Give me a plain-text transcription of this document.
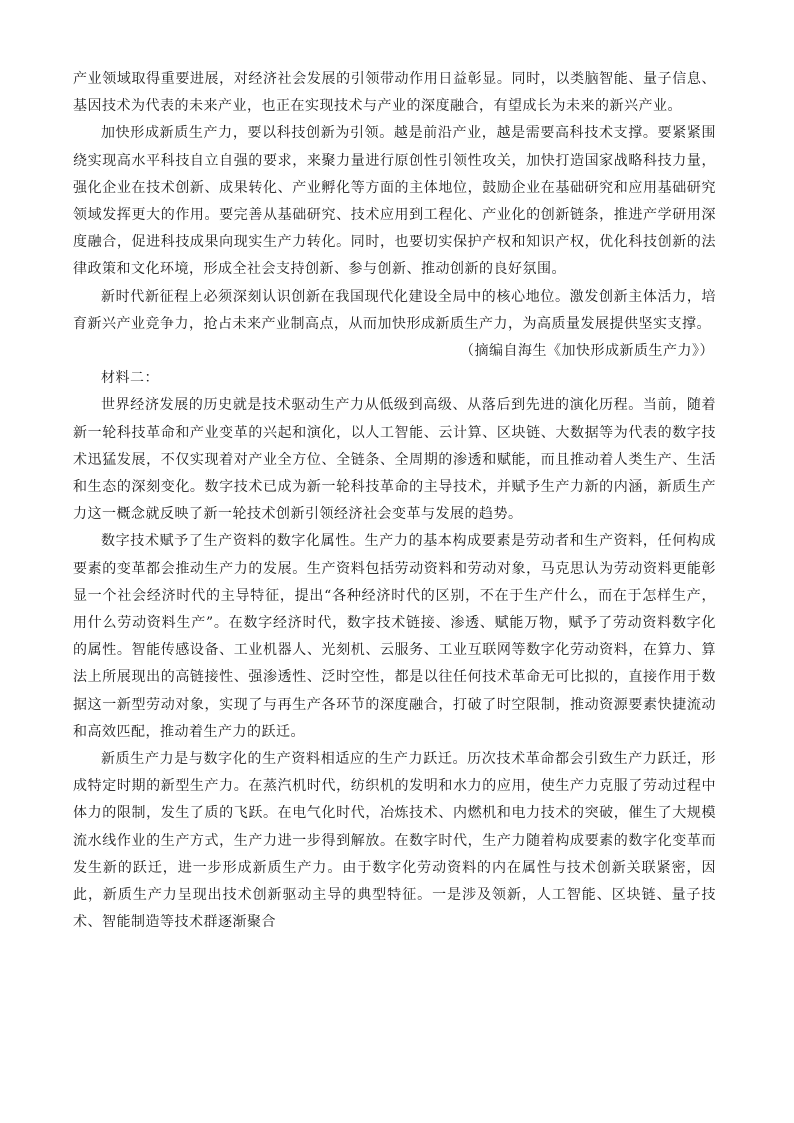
产业领域取得重要进展，对经济社会发展的引领带动作用日益彰显。同时，以类脑智能、量子信息、基因技术为代表的未来产业，也正在实现技术与产业的深度融合，有望成长为未来的新兴产业。

加快形成新质生产力，要以科技创新为引领。越是前沿产业，越是需要高科技术支撑。要紧紧围绕实现高水平科技自立自强的要求，来聚力量进行原创性引领性攻关，加快打造国家战略科技力量，强化企业在技术创新、成果转化、产业孵化等方面的主体地位，鼓励企业在基础研究和应用基础研究领域发挥更大的作用。要完善从基础研究、技术应用到工程化、产业化的创新链条，推进产学研用深度融合，促进科技成果向现实生产力转化。同时，也要切实保护产权和知识产权，优化科技创新的法律政策和文化环境，形成全社会支持创新、参与创新、推动创新的良好氛围。

新时代新征程上必须深刻认识创新在我国现代化建设全局中的核心地位。激发创新主体活力，培育新兴产业竞争力，抢占未来产业制高点，从而加快形成新质生产力，为高质量发展提供坚实支撑。

（摘编自海生《加快形成新质生产力》）

材料二：

世界经济发展的历史就是技术驱动生产力从低级到高级、从落后到先进的演化历程。当前，随着新一轮科技革命和产业变革的兴起和演化，以人工智能、云计算、区块链、大数据等为代表的数字技术迅猛发展，不仅实现着对产业全方位、全链条、全周期的渗透和赋能，而且推动着人类生产、生活和生态的深刻变化。数字技术已成为新一轮科技革命的主导技术，并赋予生产力新的内涵，新质生产力这一概念就反映了新一轮技术创新引领经济社会变革与发展的趋势。

数字技术赋予了生产资料的数字化属性。生产力的基本构成要素是劳动者和生产资料，任何构成要素的变革都会推动生产力的发展。生产资料包括劳动资料和劳动对象，马克思认为劳动资料更能彰显一个社会经济时代的主导特征，提出“各种经济时代的区别，不在于生产什么，而在于怎样生产，用什么劳动资料生产”。在数字经济时代，数字技术链接、渗透、赋能万物，赋予了劳动资料数字化的属性。智能传感设备、工业机器人、光刻机、云服务、工业互联网等数字化劳动资料，在算力、算法上所展现出的高链接性、强渗透性、泛时空性，都是以往任何技术革命无可比拟的，直接作用于数据这一新型劳动对象，实现了与再生产各环节的深度融合，打破了时空限制，推动资源要素快捷流动和高效匹配，推动着生产力的跃迁。

新质生产力是与数字化的生产资料相适应的生产力跃迁。历次技术革命都会引致生产力跃迁，形成特定时期的新型生产力。在蒸汽机时代，纺织机的发明和水力的应用，使生产力克服了劳动过程中体力的限制，发生了质的飞跃。在电气化时代，冶炼技术、内燃机和电力技术的突破，催生了大规模流水线作业的生产方式，生产力进一步得到解放。在数字时代，生产力随着构成要素的数字化变革而发生新的跃迁，进一步形成新质生产力。由于数字化劳动资料的内在属性与技术创新关联紧密，因此，新质生产力呈现出技术创新驱动主导的典型特征。一是涉及领新，人工智能、区块链、量子技术、智能制造等技术群逐渐聚合
